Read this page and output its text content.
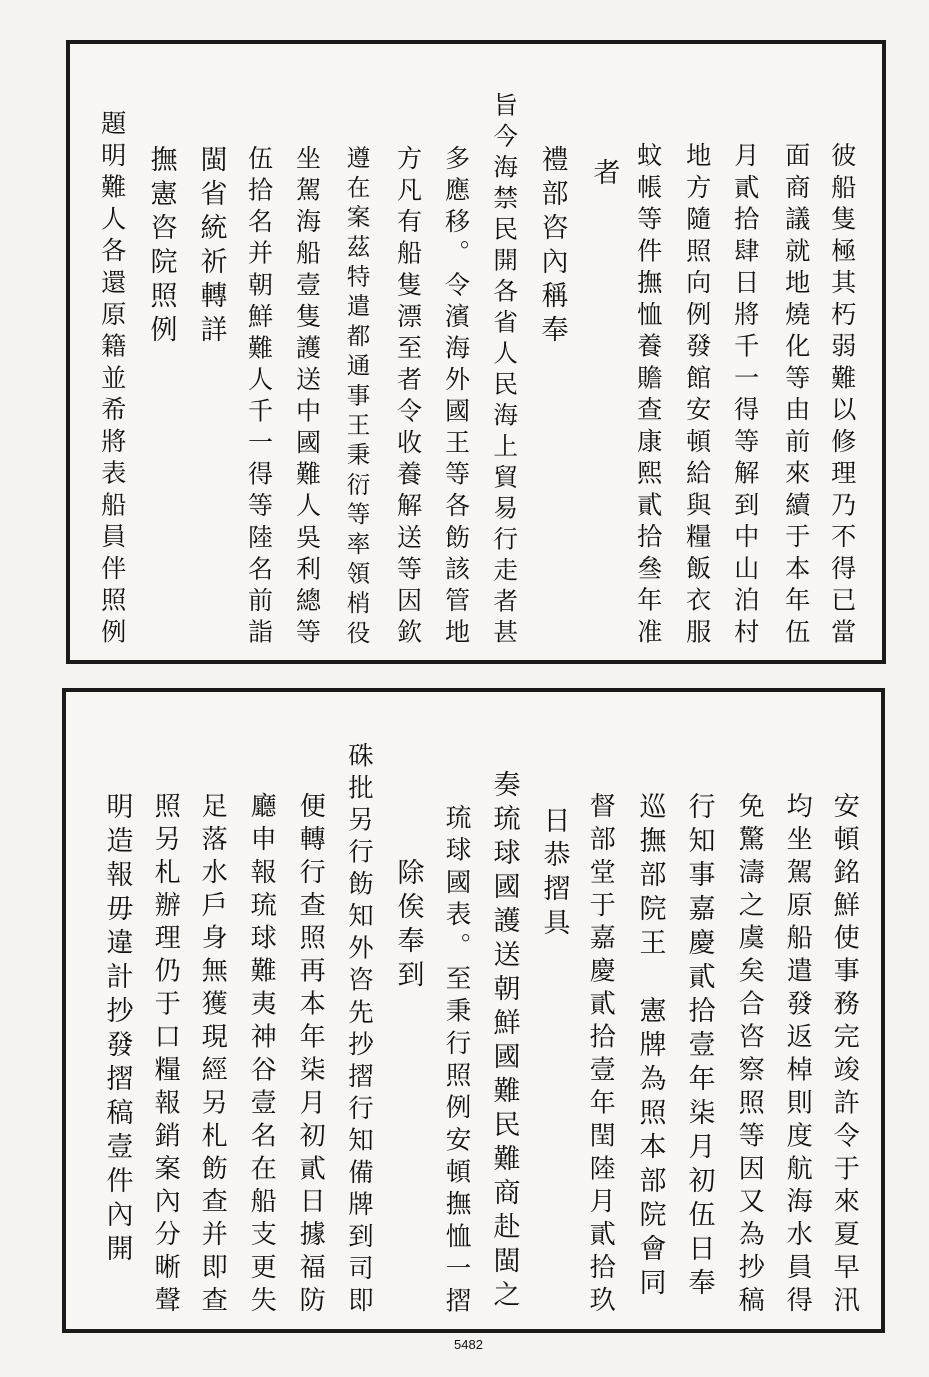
彼船隻極其朽弱難以修理乃不得已當
面商議就地燒化等由前來續于本年伍
月貳拾肆日將千一得等解到中山泊村
地方隨照向例發館安頓給與糧飯衣服
蚊帳等件撫恤養贍查康熙貳拾叄年准
者
禮部咨內稱奉
旨今海禁民開各省人民海上貿易行走者甚
多應移。令濱海外國王等各飭該管地
方凡有船隻漂至者令收養解送等因欽
遵在案茲特遣都通事王秉衍等率領梢役
坐駕海船壹隻護送中國難人吳利總等
伍拾名并朝鮮難人千一得等陸名前詣
閩省統祈轉詳
撫憲咨院照例
題明難人各還原籍並希將表船員伴照例
安頓銘鮮使事務完竣許令于來夏早汛
均坐駕原船遣發返棹則度航海水員得
免驚濤之虞矣合咨察照等因又為抄稿
行知事嘉慶貳拾壹年柒月初伍日奉
巡撫部院王　憲牌為照本部院會同
督部堂于嘉慶貳拾壹年閏陸月貳拾玖
日恭摺具
奏琉球國護送朝鮮國難民難商赴閩之
琉球國表。至秉行照例安頓撫恤一摺
除俟奉到
硃批另行飭知外咨先抄摺行知備牌到司即
便轉行查照再本年柒月初貳日據福防
廳申報琉球難夷神谷壹名在船支更失
足落水戶身無獲現經另札飭查并即查
照另札辦理仍于口糧報銷案內分晰聲
明造報毋違計抄發摺稿壹件內開
5482
